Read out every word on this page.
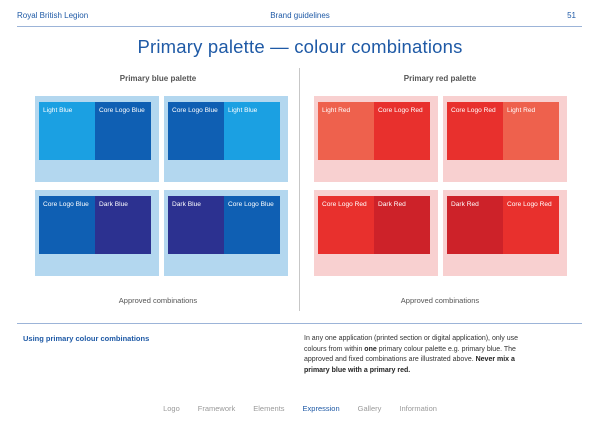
Royal British Legion	Brand guidelines	51
Primary palette — colour combinations
Primary blue palette	Primary red palette
Light Blue	Core Logo Blue	Core Logo Blue	Light Blue
Core Logo Blue	Dark Blue	Dark Blue	Core Logo Blue
Light Red	Core Logo Red	Core Logo Red	Light Red
Core Logo Red	Dark Red	Dark Red	Core Logo Red
Approved combinations	Approved combinations
Using primary colour combinations	In any one application (printed section or digital application), only use colours from within one primary colour palette e.g. primary blue. The approved and fixed combinations are illustrated above. Never mix a primary blue with a primary red.
Logo Framework Elements Expression Gallery Information
